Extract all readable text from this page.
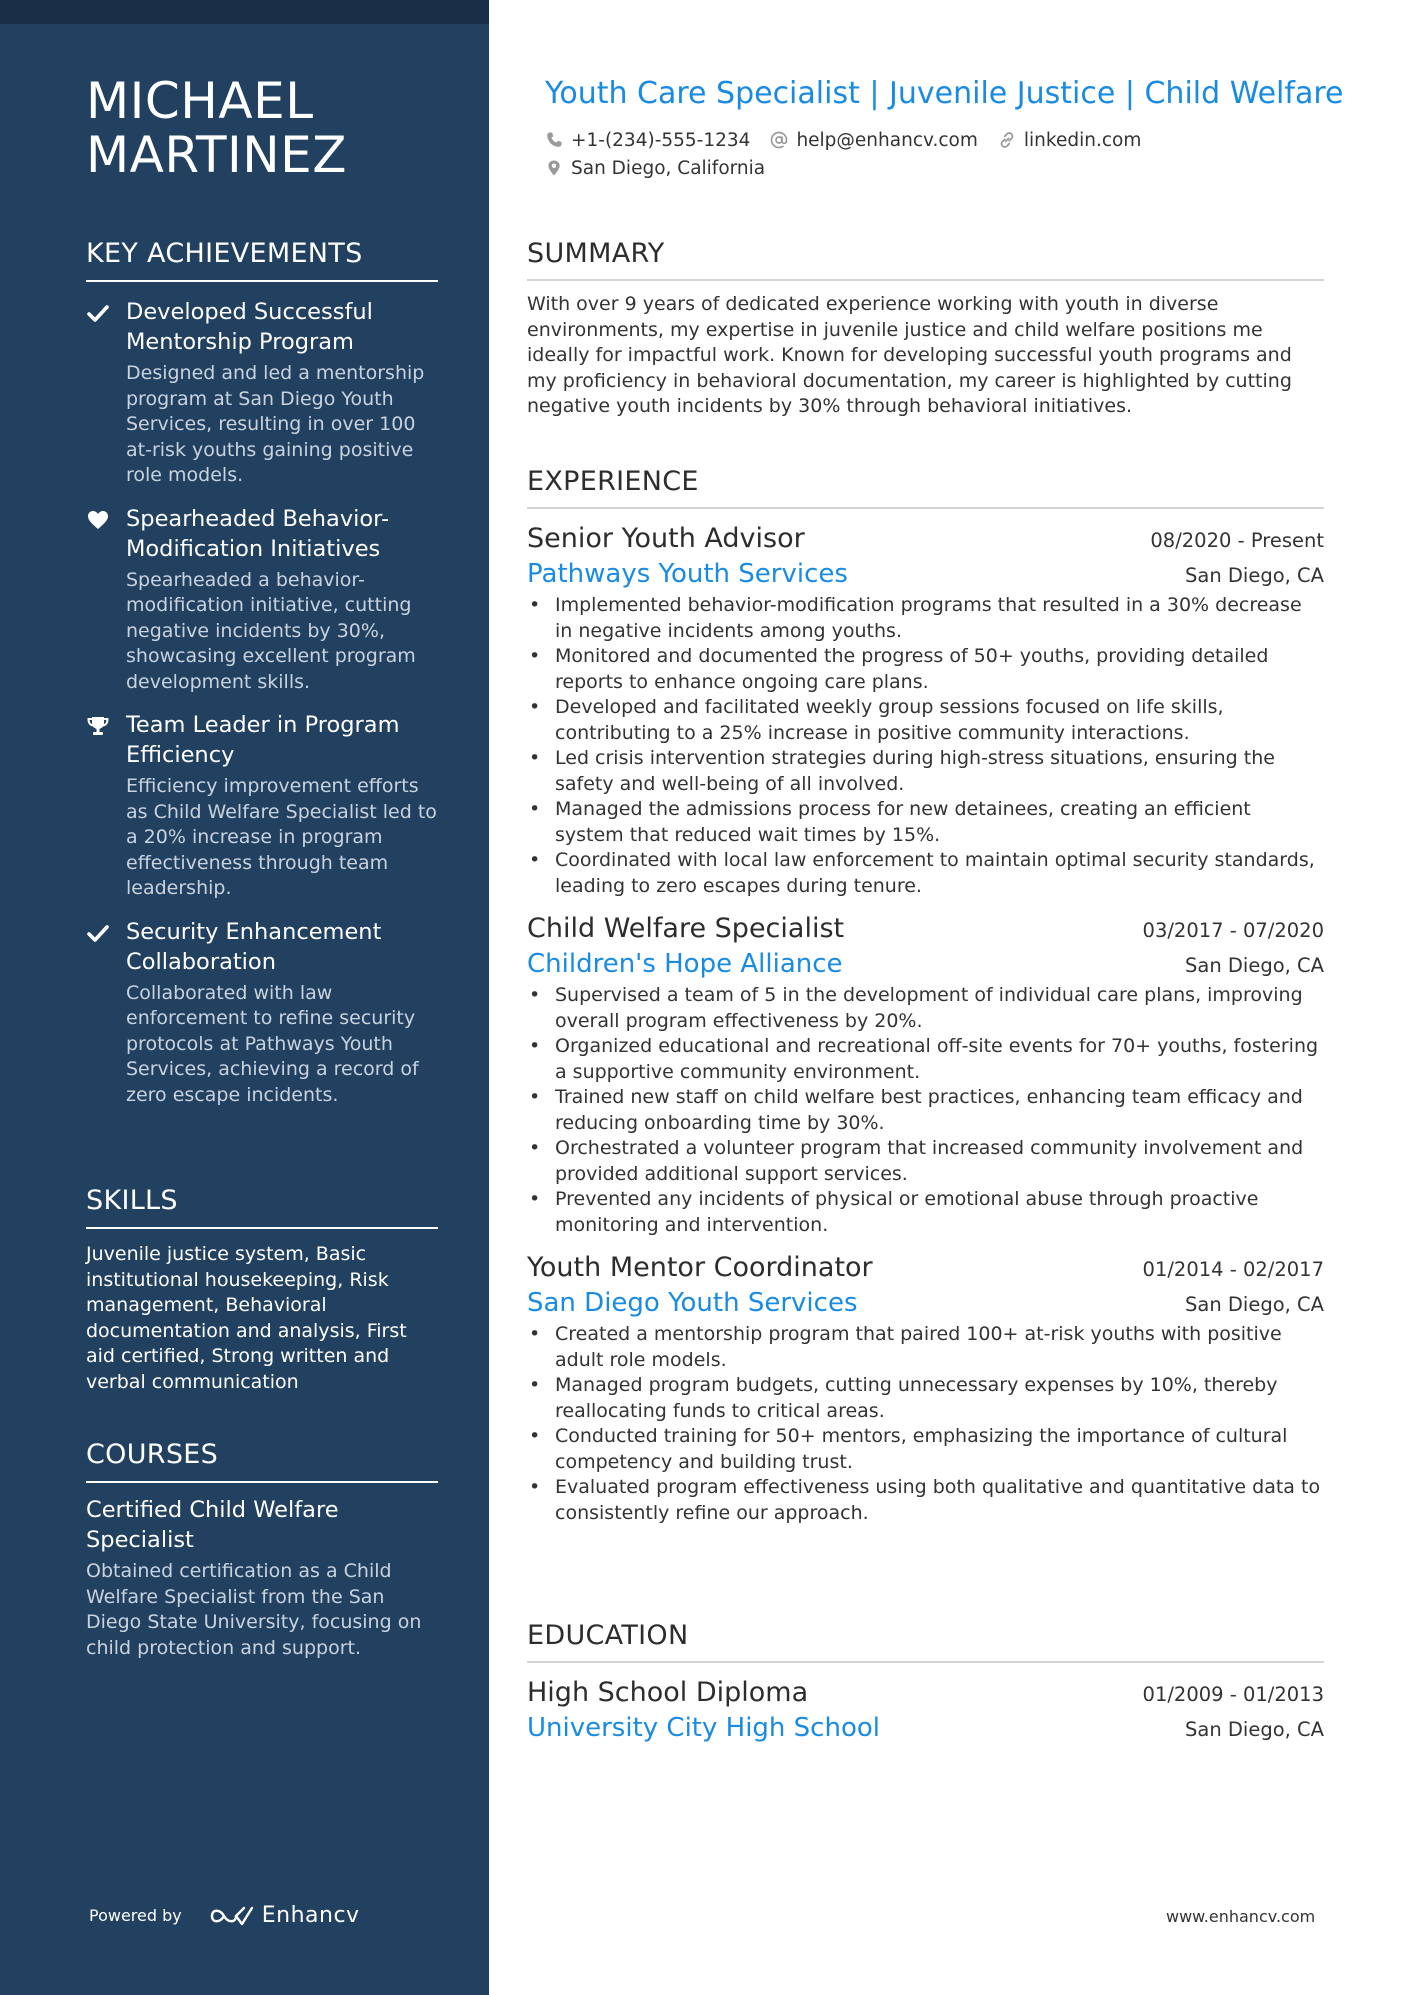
MICHAEL MARTINEZ
KEY ACHIEVEMENTS
Developed Successful Mentorship Program
Designed and led a mentorship program at San Diego Youth Services, resulting in over 100 at-risk youths gaining positive role models.
Spearheaded Behavior-Modification Initiatives
Spearheaded a behavior-modification initiative, cutting negative incidents by 30%, showcasing excellent program development skills.
Team Leader in Program Efficiency
Efficiency improvement efforts as Child Welfare Specialist led to a 20% increase in program effectiveness through team leadership.
Security Enhancement Collaboration
Collaborated with law enforcement to refine security protocols at Pathways Youth Services, achieving a record of zero escape incidents.
SKILLS
Juvenile justice system, Basic institutional housekeeping, Risk management, Behavioral documentation and analysis, First aid certified, Strong written and verbal communication
COURSES
Certified Child Welfare Specialist
Obtained certification as a Child Welfare Specialist from the San Diego State University, focusing on child protection and support.
Powered by	Enhancv
Youth Care Specialist | Juvenile Justice | Child Welfare
+1-(234)-555-1234 help@enhancv.com linkedin.com
San Diego, California
SUMMARY
With over 9 years of dedicated experience working with youth in diverse environments, my expertise in juvenile justice and child welfare positions me ideally for impactful work. Known for developing successful youth programs and my proficiency in behavioral documentation, my career is highlighted by cutting negative youth incidents by 30% through behavioral initiatives.
EXPERIENCE
Senior Youth Advisor	08/2020 - Present
Pathways Youth Services	San Diego, CA
• Implemented behavior-modification programs that resulted in a 30% decrease in negative incidents among youths.
• Monitored and documented the progress of 50+ youths, providing detailed reports to enhance ongoing care plans.
• Developed and facilitated weekly group sessions focused on life skills, contributing to a 25% increase in positive community interactions.
• Led crisis intervention strategies during high-stress situations, ensuring the safety and well-being of all involved.
• Managed the admissions process for new detainees, creating an efficient system that reduced wait times by 15%.
• Coordinated with local law enforcement to maintain optimal security standards, leading to zero escapes during tenure.
Child Welfare Specialist	03/2017 - 07/2020
Children's Hope Alliance	San Diego, CA
• Supervised a team of 5 in the development of individual care plans, improving overall program effectiveness by 20%.
• Organized educational and recreational off-site events for 70+ youths, fostering a supportive community environment.
• Trained new staff on child welfare best practices, enhancing team efficacy and reducing onboarding time by 30%.
• Orchestrated a volunteer program that increased community involvement and provided additional support services.
• Prevented any incidents of physical or emotional abuse through proactive monitoring and intervention.
Youth Mentor Coordinator	01/2014 - 02/2017
San Diego Youth Services	San Diego, CA
• Created a mentorship program that paired 100+ at-risk youths with positive adult role models.
• Managed program budgets, cutting unnecessary expenses by 10%, thereby reallocating funds to critical areas.
• Conducted training for 50+ mentors, emphasizing the importance of cultural competency and building trust.
• Evaluated program effectiveness using both qualitative and quantitative data to consistently refine our approach.
EDUCATION
High School Diploma	01/2009 - 01/2013
University City High School	San Diego, CA
www.enhancv.com
